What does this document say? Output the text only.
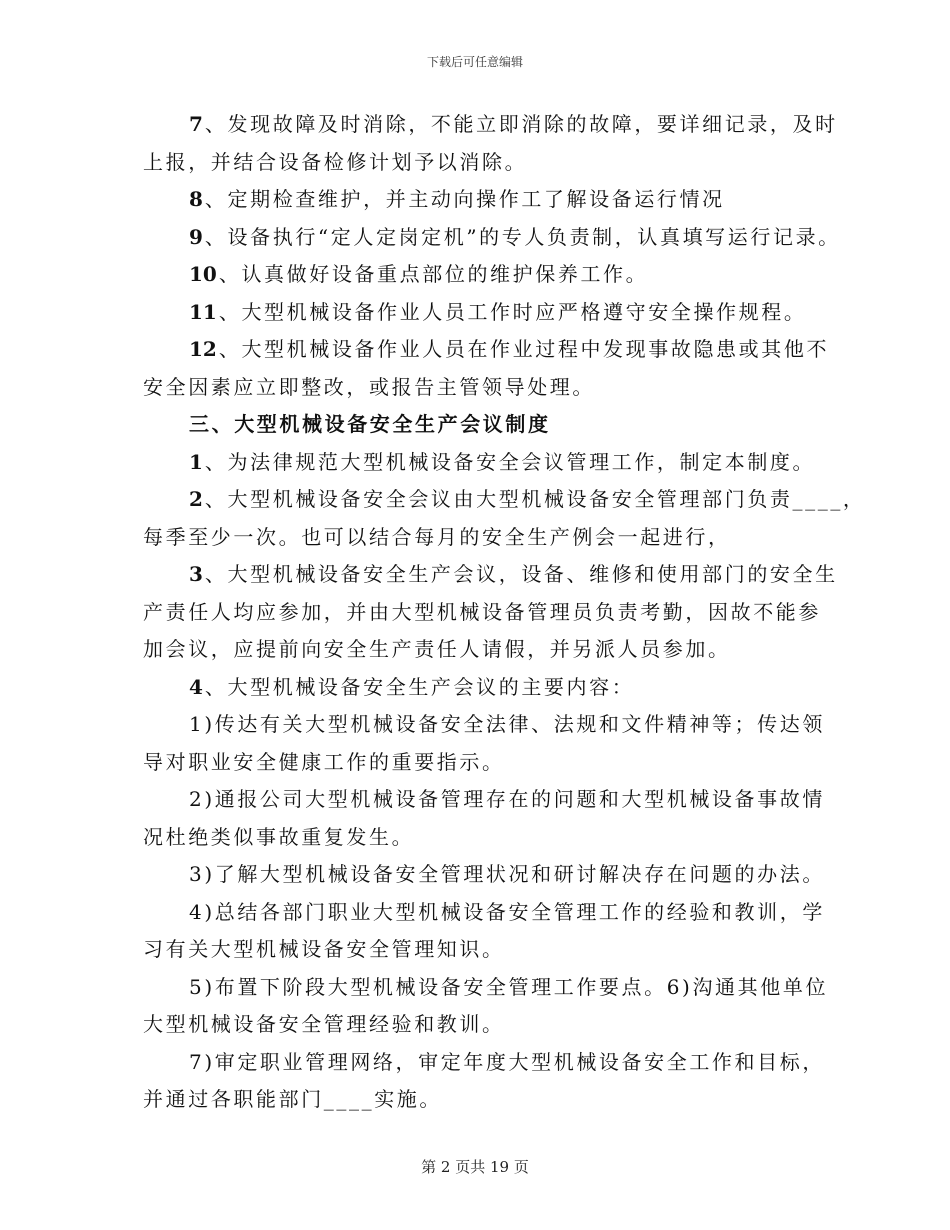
下载后可任意编辑
7 、发现故障及时消除，不能立即消除的故障，要详细记录，及时
上报，并结合设备检修计划予以消除。
8 、定期检查维护，并主动向操作工了解设备运行情况
9 、设备执行“定人定岗定机”的专人负责制，认真填写运行记录。
10 、认真做好设备重点部位的维护保养工作。
11 、大型机械设备作业人员工作时应严格遵守安全操作规程。
12 、大型机械设备作业人员在作业过程中发现事故隐患或其他不
安全因素应立即整改，或报告主管领导处理。
三、大型机械设备安全生产会议制度
1 、为法律规范大型机械设备安全会议管理工作，制定本制度。
2 、大型机械设备安全会议由大型机械设备安全管理部门负责____，
每季至少一次。也可以结合每月的安全生产例会一起进行，
3 、大型机械设备安全生产会议，设备、维修和使用部门的安全生
产责任人均应参加，并由大型机械设备管理员负责考勤，因故不能参
加会议，应提前向安全生产责任人请假，并另派人员参加。
4 、大型机械设备安全生产会议的主要内容：
1)传达有关大型机械设备安全法律、法规和文件精神等；传达领
导对职业安全健康工作的重要指示。
2)通报公司大型机械设备管理存在的问题和大型机械设备事故情
况杜绝类似事故重复发生。
3)了解大型机械设备安全管理状况和研讨解决存在问题的办法。
4)总结各部门职业大型机械设备安全管理工作的经验和教训，学
习有关大型机械设备安全管理知识。
5)布置下阶段大型机械设备安全管理工作要点。6)沟通其他单位
大型机械设备安全管理经验和教训。
7)审定职业管理网络，审定年度大型机械设备安全工作和目标，
并通过各职能部门____实施。
第 2 页共 19 页
